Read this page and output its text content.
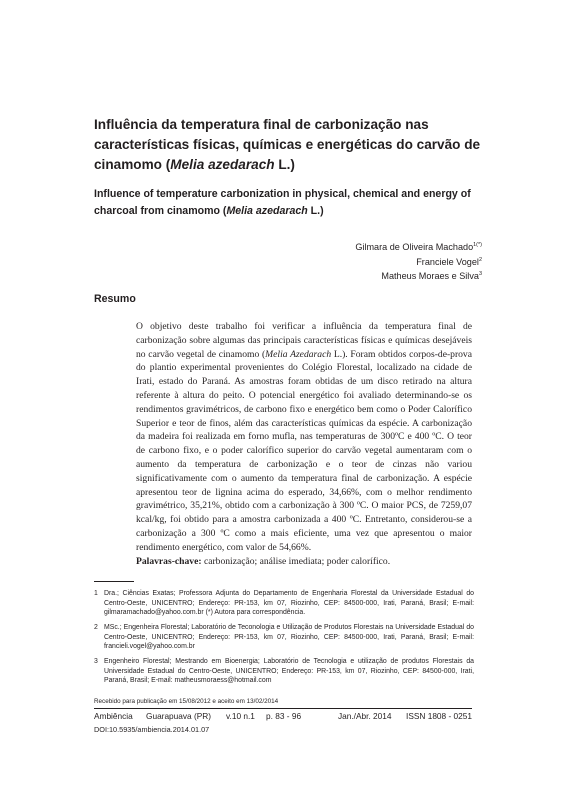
Influência da temperatura final de carbonização nas características físicas, químicas e energéticas do carvão de cinamomo (Melia azedarach L.)
Influence of temperature carbonization in physical, chemical and energy of charcoal from cinamomo (Melia azedarach L.)
Gilmara de Oliveira Machado$^{1(*)}$
Franciele Vogel$^2$
Matheus Moraes e Silva$^3$
Resumo
O objetivo deste trabalho foi verificar a influência da temperatura final de carbonização sobre algumas das principais características físicas e químicas desejáveis no carvão vegetal de cinamomo (Melia Azedarach L.). Foram obtidos corpos-de-prova do plantio experimental provenientes do Colégio Florestal, localizado na cidade de Irati, estado do Paraná. As amostras foram obtidas de um disco retirado na altura referente à altura do peito. O potencial energético foi avaliado determinando-se os rendimentos gravimétricos, de carbono fixo e energético bem como o Poder Calorífico Superior e teor de finos, além das características químicas da espécie. A carbonização da madeira foi realizada em forno mufla, nas temperaturas de 300ºC e 400 ºC. O teor de carbono fixo, e o poder calorífico superior do carvão vegetal aumentaram com o aumento da temperatura de carbonização e o teor de cinzas não variou significativamente com o aumento da temperatura final de carbonização. A espécie apresentou teor de lignina acima do esperado, 34,66%, com o melhor rendimento gravimétrico, 35,21%, obtido com a carbonização à 300 ºC. O maior PCS, de 7259,07 kcal/kg, foi obtido para a amostra carbonizada a 400 ºC. Entretanto, considerou-se a carbonização a 300 ºC como a mais eficiente, uma vez que apresentou o maior rendimento energético, com valor de 54,66%.
Palavras-chave: carbonização; análise imediata; poder calorífico.
1 Dra.; Ciências Exatas; Professora Adjunta do Departamento de Engenharia Florestal da Universidade Estadual do Centro-Oeste, UNICENTRO; Endereço: PR-153, km 07, Riozinho, CEP: 84500-000, Irati, Paraná, Brasil; E-mail: gilmaramachado@yahoo.com.br (*) Autora para correspondência.
2 MSc.; Engenheira Florestal; Laboratório de Teconologia e Utilização de Produtos Florestais na Universidade Estadual do Centro-Oeste, UNICENTRO; Endereço: PR-153, km 07, Riozinho, CEP: 84500-000, Irati, Paraná, Brasil; E-mail: francieli.vogel@yahoo.com.br
3 Engenheiro Florestal; Mestrando em Bioenergia; Laboratório de Tecnologia e utilização de produtos Florestais da Universidade Estadual do Centro-Oeste, UNICENTRO; Endereço: PR-153, km 07, Riozinho, CEP: 84500-000, Irati, Paraná, Brasil; E-mail: matheusmoraess@hotmail.com
Recebido para publicação em 15/08/2012 e aceito em 13/02/2014
Ambiência Guarapuava (PR) v.10 n.1 p. 83 - 96	Jan./Abr. 2014 ISSN 1808 - 0251
DOI:10.5935/ambiencia.2014.01.07
